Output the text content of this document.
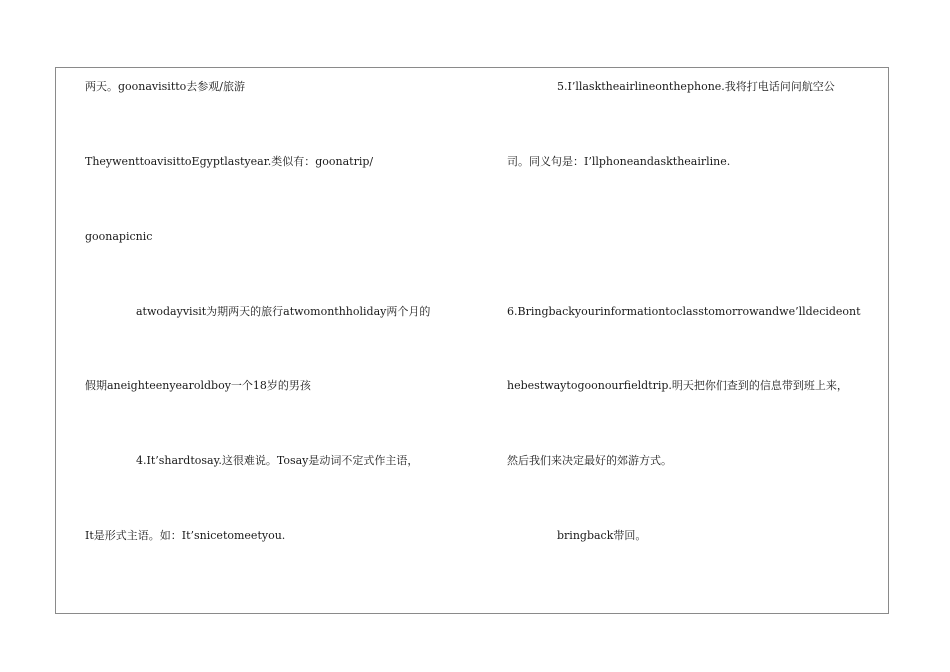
两天。goonavisitto去参观/旅游
TheywenttoavisittoEgyptlastyear.类似有：goonatrip/
goonapicnic
atwodayvisit为期两天的旅行atwomonthholiday两个月的
假期aneighteenyearoldboy一个18岁的男孩
4.It’shardtosay.这很难说。Tosay是动词不定式作主语，
It是形式主语。如：It’snicetomeetyou.
5.I’llasktheairlineonthephone.我将打电话问问航空公
司。同义句是：I’llphoneandasktheairline.
6.Bringbackyourinformationtoclasstomorrowandwe’lldecideont
hebestwaytogoonourfieldtrip.明天把你们查到的信息带到班上来，
然后我们来决定最好的郊游方式。
bringback带回。
